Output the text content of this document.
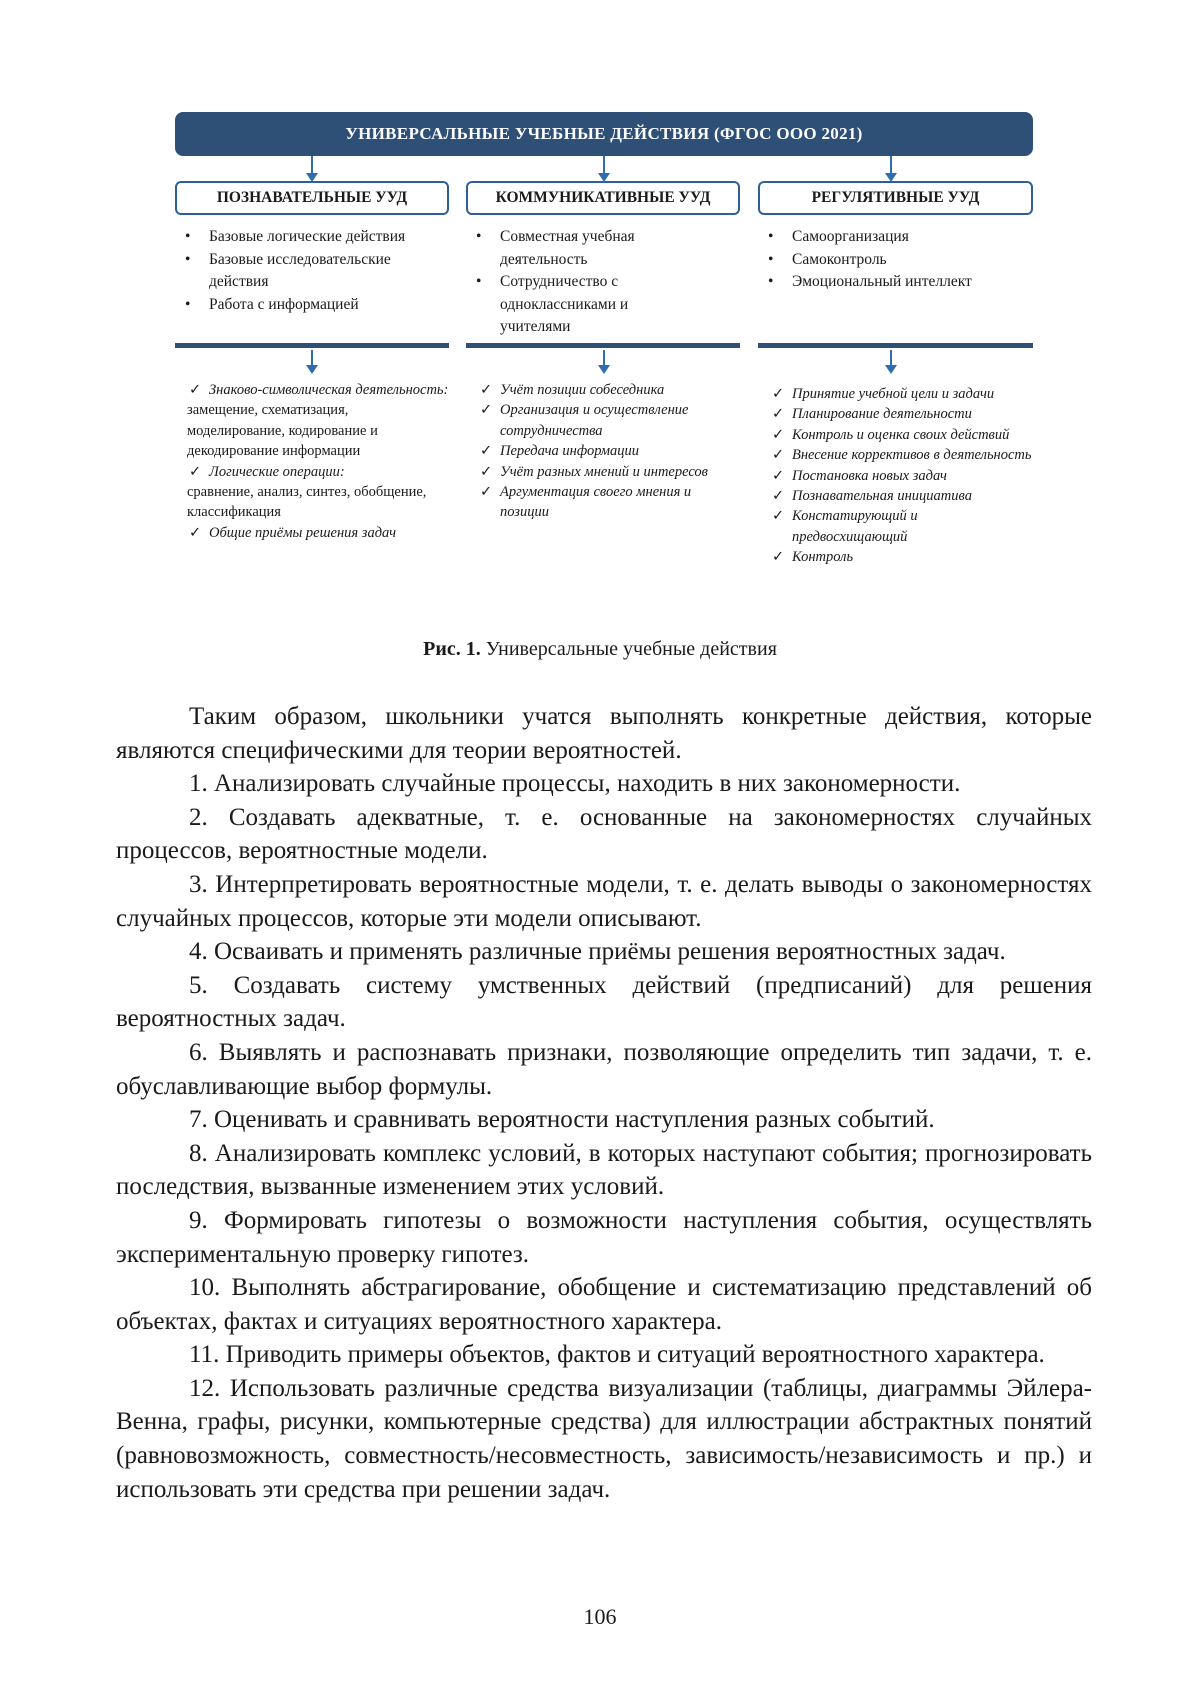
УНИВЕРСАЛЬНЫЕ УЧЕБНЫЕ ДЕЙСТВИЯ (ФГОС ООО 2021)
ПОЗНАВАТЕЛЬНЫЕ УУД	КОММУНИКАТИВНЫЕ УУД	РЕГУЛЯТИВНЫЕ УУД
• Базовые логические действия
• Базовые исследовательские действия
• Работа с информацией
• Совместная учебная деятельность
• Сотрудничество с одноклассниками и учителями
• Самоорганизация
• Самоконтроль
• Эмоциональный интеллект
✓ Знаково-символическая деятельность:
замещение, схематизация, моделирование, кодирование и декодирование информации
✓ Логические операции:
сравнение, анализ, синтез, обобщение, классификация
✓ Общие приёмы решения задач
✓ Учёт позиции собеседника
✓ Организация и осуществление сотрудничества
✓ Передача информации
✓ Учёт разных мнений и интересов
✓ Аргументация своего мнения и позиции
✓ Принятие учебной цели и задачи
✓ Планирование деятельности
✓ Контроль и оценка своих действий
✓ Внесение коррективов в деятельность
✓ Постановка новых задач
✓ Познавательная инициатива
✓ Констатирующий и предвосхищающий
✓ Контроль
Рис. 1. Универсальные учебные действия

Таким образом, школьники учатся выполнять конкретные действия, которые являются специфическими для теории вероятностей.

1. Анализировать случайные процессы, находить в них закономерности.

2. Создавать адекватные, т. е. основанные на закономерностях случайных процессов, вероятностные модели.

3. Интерпретировать вероятностные модели, т. е. делать выводы о закономерностях случайных процессов, которые эти модели описывают.

4. Осваивать и применять различные приёмы решения вероятностных задач.

5. Создавать систему умственных действий (предписаний) для решения вероятностных задач.

6. Выявлять и распознавать признаки, позволяющие определить тип задачи, т. е. обуславливающие выбор формулы.

7. Оценивать и сравнивать вероятности наступления разных событий.

8. Анализировать комплекс условий, в которых наступают события; прогнозировать последствия, вызванные изменением этих условий.

9. Формировать гипотезы о возможности наступления события, осуществлять экспериментальную проверку гипотез.

10. Выполнять абстрагирование, обобщение и систематизацию представлений об объектах, фактах и ситуациях вероятностного характера.

11. Приводить примеры объектов, фактов и ситуаций вероятностного характера.

12. Использовать различные средства визуализации (таблицы, диаграммы Эйлера-Венна, графы, рисунки, компьютерные средства) для иллюстрации абстрактных понятий (равновозможность, совместность/несовместность, зависимость/независимость и пр.) и использовать эти средства при решении задач.

106
